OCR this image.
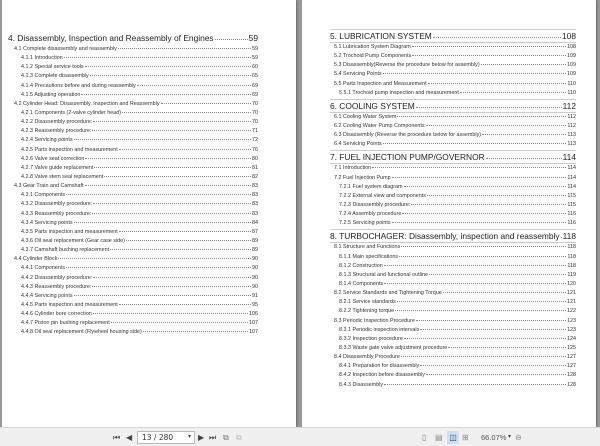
4. Disassembly, Inspection and Reassembly of Engines	59
4.1 Complete disassembly and reassembly	59
4.1.1 Introduction	59
4.1.2 Special service tools	60
4.1.3 Complete disassembly	65
4.1.4 Precautions before and during reassembly	69
4.1.5 Adjusting operation	69
4.2 Cylinder Head: Disassembly, Inspection and Reassembly	70
4.2.1 Components (2-valve cylinder head)	70
4.2.2 Disassembly procedure:	70
4.2.3 Reassembly procedure:	71
4.2.4 Servicing points	72
4.2.5 Parts inspection and measurement	76
4.2.6 Valve seat correction	80
4.2.7 Valve guide replacement	81
4.2.8 Valve stem seal replacement	82
4.3 Gear Train and Camshaft	83
4.3.1 Components	83
4.3.2 Disassembly procedure:	83
4.3.3 Reassembly procedure:	83
4.3.4 Servicing points	84
4.3.5 Parts inspection and measurement	87
4.3.6 Oil seal replacement (Gear case side)	89
4.3.7 Camshaft bushing replacement	89
4.4 Cylinder Block	90
4.4.1 Components	90
4.4.2 Disassembly procedure:	90
4.4.3 Reassembly procedure:	90
4.4.4 Servicing points	91
4.4.5 Parts inspection and measurement	95
4.4.6 Cylinder bore correction	106
4.4.7 Piston pin bushing replacement	107
4.4.8 Oil seal replacement (Flywheel housing side)	107
5. LUBRICATION SYSTEM	108
5.1 Lubrication System Diagram	108
5.2 Trochoid Pump Components	109
5.3 Disassembly(Reverse the procedure below for assembly)	109
5.4 Servicing Points	109
5.5 Parts Inspection and Measurement	110
5.5.1 Trochoid pump inspection and measurement	110
6. COOLING SYSTEM	112
6.1 Cooling Water System	112
6.2 Cooling Water Pump Components	112
6.3 Disassembly (Reverse the procedure below for assembly)	113
6.4 Servicing Points	113
7. FUEL INJECTION PUMP/GOVERNOR	114
7.1 Introduction	114
7.2 Fuel Injection Pump	114
7.2.1 Fuel system diagram	114
7.2.2 External view and components	115
7.2.3 Disassembly procedure:	115
7.2.4 Assembly procedure	116
7.2.5 Servicing points	116
8. TURBOCHAGER: Disassembly, inspection and reassembly 118
8.1 Structure and Functions	118
8.1.1 Main specifications	118
8.1.2 Construction	118
8.1.3 Structural and functional outline	119
8.1.4 Components	120
8.2 Service Standards and Tightening Torque	121
8.2.1 Service standards	121
8.2.2 Tightening torque	122
8.3 Periodic Inspection Procedure	123
8.3.1 Periodic inspection intervals	123
8.3.2 Inspection procedure	124
8.3.3 Waste gate valve adjustment procedure	125
8.4 Disassembly Procedure	127
8.4.1 Preparation for disassembly	127
8.4.2 Inspection before disassembly	128
8.4.3 Disassembly	128
⏮ ◀	13 / 280	▾ ▶ ⏭ ⧉ ⧉	▯ ▤ ◫ ⊞ 66.07% ▾ ⊖
